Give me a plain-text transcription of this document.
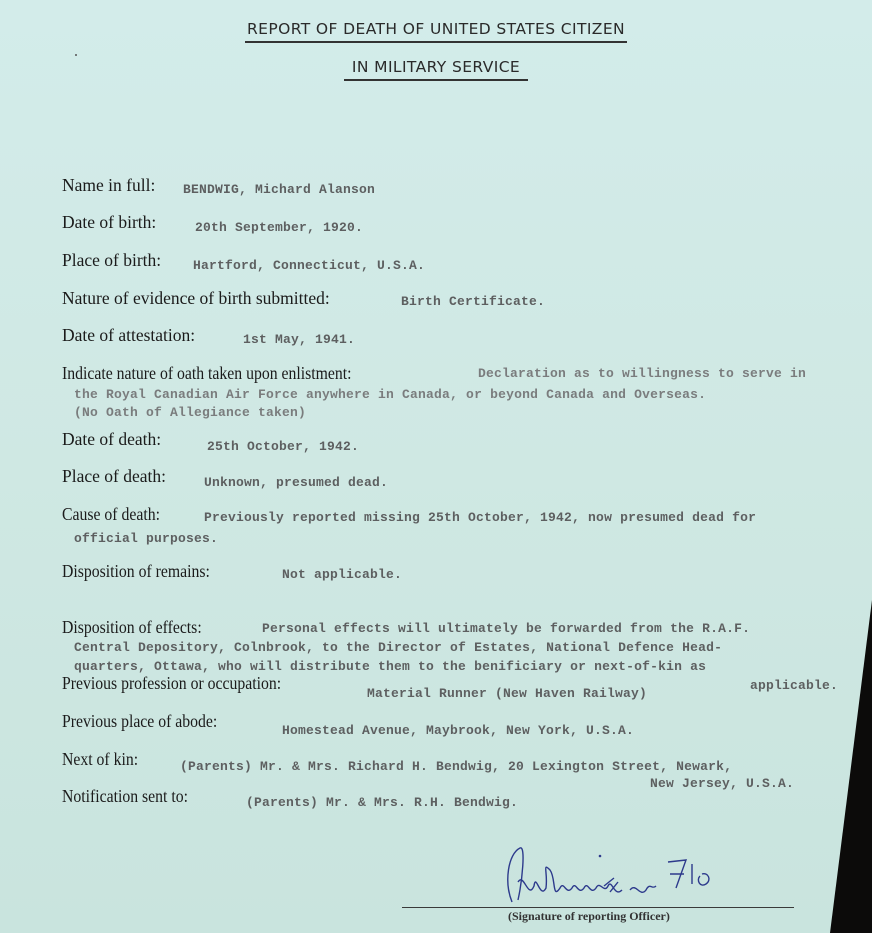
REPORT OF DEATH OF UNITED STATES CITIZEN
IN MILITARY SERVICE
Name in full: BENDWIG, Michard Alanson
Date of birth:	20th September, 1920.
Place of birth: Hartford, Connecticut, U.S.A.
Nature of evidence of birth submitted:	Birth Certificate.
Date of attestation:	1st May, 1941.
Indicate nature of oath taken upon enlistment:	Declaration as to willingness to serve in
the Royal Canadian Air Force anywhere in Canada, or beyond Canada and Overseas.
(No Oath of Allegiance taken)
Date of death:	25th October, 1942.
Place of death:	Unknown, presumed dead.
Cause of death:	Previously reported missing 25th October, 1942, now presumed dead for
official purposes.
Disposition of remains:	Not applicable.
Disposition of effects:	Personal effects will ultimately be forwarded from the R.A.F.
Central Depository, Colnbrook, to the Director of Estates, National Defence Head-
quarters, Ottawa, who will distribute them to the benificiary or next-of-kin as
applicable.
Previous profession or occupation:
Material Runner (New Haven Railway)
Previous place of abode:	Homestead Avenue, Maybrook, New York, U.S.A.
Next of kin:	(Parents) Mr. & Mrs. Richard H. Bendwig, 20 Lexington Street, Newark,
New Jersey, U.S.A.
Notification sent to:	(Parents) Mr. & Mrs. R.H. Bendwig.
(Signature of reporting Officer)
